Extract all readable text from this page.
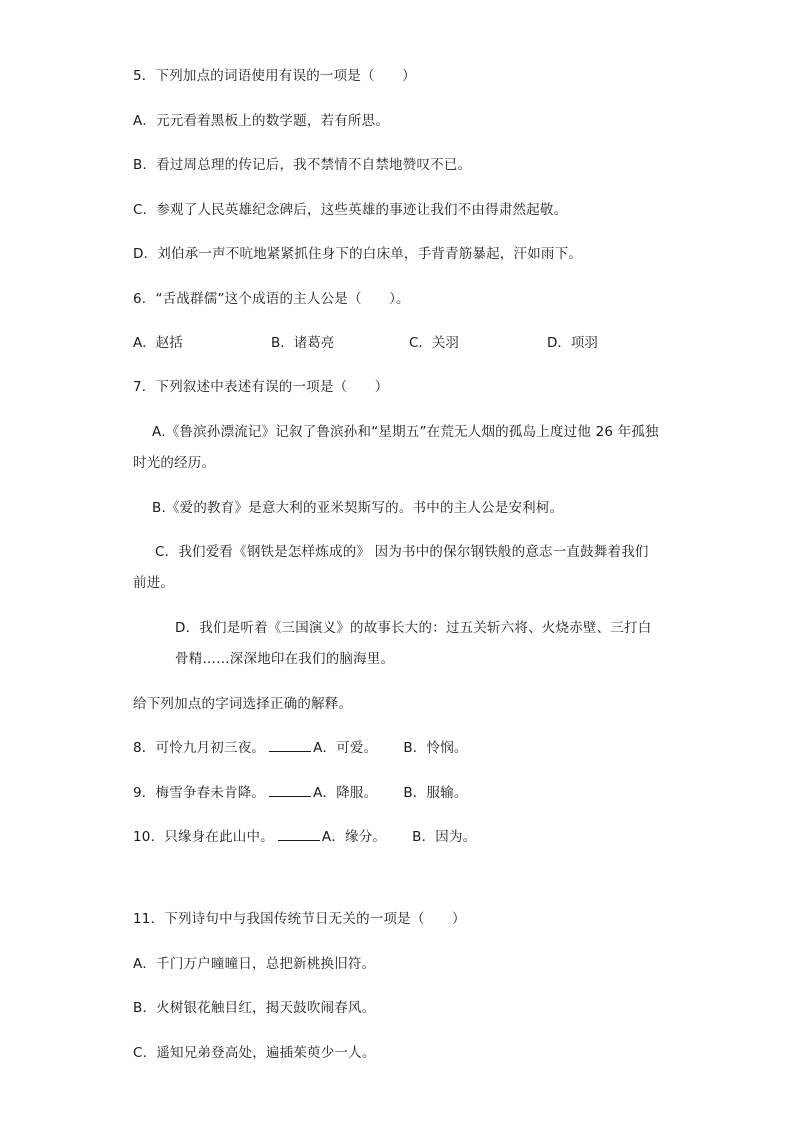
5．下列加点的词语使用有误的一项是（　　）
A．元元看着黑板上的数学题，若有所思。
B．看过周总理的传记后，我不禁情不自禁地赞叹不已。
C．参观了人民英雄纪念碑后，这些英雄的事迹让我们不由得肃然起敬。
D．刘伯承一声不吭地紧紧抓住身下的白床单，手背青筋暴起，汗如雨下。
6．“舌战群儒”这个成语的主人公是（　　）。
A．赵括	B．诸葛亮	C．关羽	D．项羽
7．下列叙述中表述有误的一项是（　　）
A.《鲁滨孙漂流记》记叙了鲁滨孙和“星期五”在荒无人烟的孤岛上度过他 26 年孤独
时光的经历。
B.《爱的教育》是意大利的亚米契斯写的。书中的主人公是安利柯。
C．我们爱看《钢铁是怎样炼成的》 因为书中的保尔钢铁般的意志一直鼓舞着我们
前进。
D．我们是听着《三国演义》的故事长大的：过五关斩六将、火烧赤壁、三打白
骨精……深深地印在我们的脑海里。
给下列加点的字词选择正确的解释。
8．可怜九月初三夜。	A．可爱。 B．怜悯。
9．梅雪争春未肯降。	A．降服。 B．服输。
10．只缘身在此山中。	A．缘分。 B．因为。
11．下列诗句中与我国传统节日无关的一项是（　　）
A．千门万户曈曈日，总把新桃换旧符。
B．火树银花触目红，揭天鼓吹闹春风。
C．遥知兄弟登高处，遍插茱萸少一人。
